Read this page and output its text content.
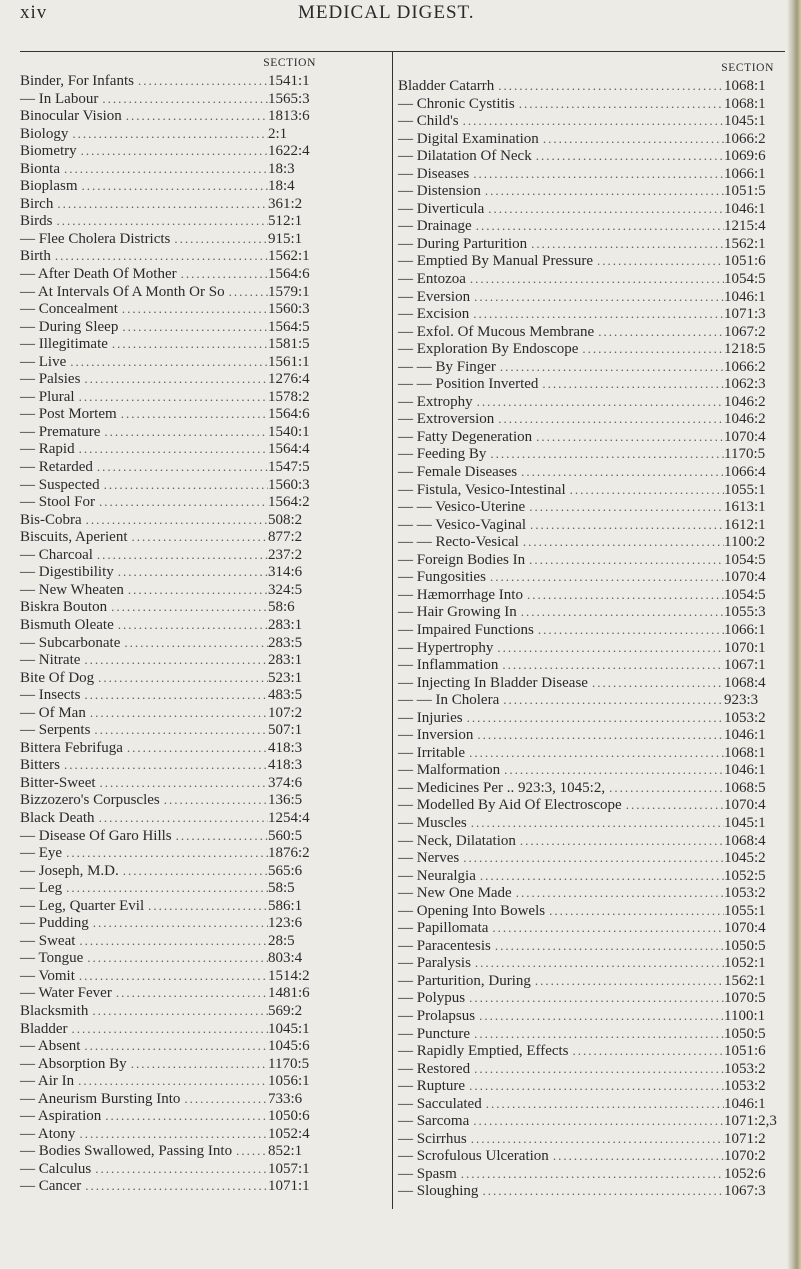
xiv	MEDICAL DIGEST.
SECTION
Binder, For Infants .....	1541:1
— In Labour .....	1565:3
Binocular Vision .....	1813:6
Biology .....	2:1
Biometry .....	1622:4
Bionta .....	18:3
Bioplasm .....	18:4
Birch .....	361:2
Birds .....	512:1
— Flee Cholera Districts .....	915:1
Birth .....	1562:1
— After Death Of Mother .....	1564:6
— At Intervals Of A Month Or So .....	1579:1
— Concealment .....	1560:3
— During Sleep .....	1564:5
— Illegitimate .....	1581:5
— Live .....	1561:1
— Palsies .....	1276:4
— Plural .....	1578:2
— Post Mortem .....	1564:6
— Premature .....	1540:1
— Rapid .....	1564:4
— Retarded .....	1547:5
— Suspected .....	1560:3
— Stool For .....	1564:2
Bis-Cobra .....	508:2
Biscuits, Aperient .....	877:2
— Charcoal .....	237:2
— Digestibility .....	314:6
— New Wheaten .....	324:5
Biskra Bouton .....	58:6
Bismuth Oleate .....	283:1
— Subcarbonate .....	283:5
— Nitrate .....	283:1
Bite Of Dog .....	523:1
— Insects .....	483:5
— Of Man .....	107:2
— Serpents .....	507:1
Bittera Febrifuga .....	418:3
Bitters .....	418:3
Bitter-Sweet .....	374:6
Bizzozero's Corpuscles .....	136:5
Black Death .....	1254:4
— Disease Of Garo Hills .....	560:5
— Eye .....	1876:2
— Joseph, M.D. .....	565:6
— Leg .....	58:5
— Leg, Quarter Evil .....	586:1
— Pudding .....	123:6
— Sweat .....	28:5
— Tongue .....	803:4
— Vomit .....	1514:2
— Water Fever .....	1481:6
Blacksmith .....	569:2
Bladder .....	1045:1
— Absent .....	1045:6
— Absorption By .....	1170:5
— Air In .....	1056:1
— Aneurism Bursting Into .....	733:6
— Aspiration .....	1050:6
— Atony .....	1052:4
— Bodies Swallowed, Passing Into ..... 852:1
— Calculus .....	1057:1
— Cancer .....	1071:1
SECTION
Bladder Catarrh .....	1068:1
— Chronic Cystitis .....	1068:1
— Child's .....	1045:1
— Digital Examination .....	1066:2
— Dilatation Of Neck .....	1069:6
— Diseases .....	1066:1
— Distension .....	1051:5
— Diverticula .....	1046:1
— Drainage .....	1215:4
— During Parturition .....	1562:1
— Emptied By Manual Pressure .....	1051:6
— Entozoa .....	1054:5
— Eversion .....	1046:1
— Excision .....	1071:3
— Exfol. Of Mucous Membrane .....	1067:2
— Exploration By Endoscope .....	1218:5
— — By Finger .....	1066:2
— — Position Inverted .....	1062:3
— Extrophy .....	1046:2
— Extroversion .....	1046:2
— Fatty Degeneration .....	1070:4
— Feeding By .....	1170:5
— Female Diseases .....	1066:4
— Fistula, Vesico-Intestinal .....	1055:1
— — Vesico-Uterine .....	1613:1
— — Vesico-Vaginal .....	1612:1
— — Recto-Vesical .....	1100:2
— Foreign Bodies In .....	1054:5
— Fungosities .....	1070:4
— Hæmorrhage Into .....	1054:5
— Hair Growing In .....	1055:3
— Impaired Functions .....	1066:1
— Hypertrophy .....	1070:1
— Inflammation .....	1067:1
— Injecting In Bladder Disease .....	1068:4
— — In Cholera .....	923:3
— Injuries .....	1053:2
— Inversion .....	1046:1
— Irritable .....	1068:1
— Malformation .....	1046:1
— Medicines Per .. 923:3, 1045:2, .....	1068:5
— Modelled By Aid Of Electroscope .....	1070:4
— Muscles .....	1045:1
— Neck, Dilatation .....	1068:4
— Nerves .....	1045:2
— Neuralgia .....	1052:5
— New One Made .....	1053:2
— Opening Into Bowels .....	1055:1
— Papillomata .....	1070:4
— Paracentesis .....	1050:5
— Paralysis .....	1052:1
— Parturition, During .....	1562:1
— Polypus .....	1070:5
— Prolapsus .....	1100:1
— Puncture .....	1050:5
— Rapidly Emptied, Effects .....	1051:6
— Restored .....	1053:2
— Rupture .....	1053:2
— Sacculated .....	1046:1
— Sarcoma .....	1071:2,3
— Scirrhus .....	1071:2
— Scrofulous Ulceration .....	1070:2
— Spasm .....	1052:6
— Sloughing .....	1067:3
